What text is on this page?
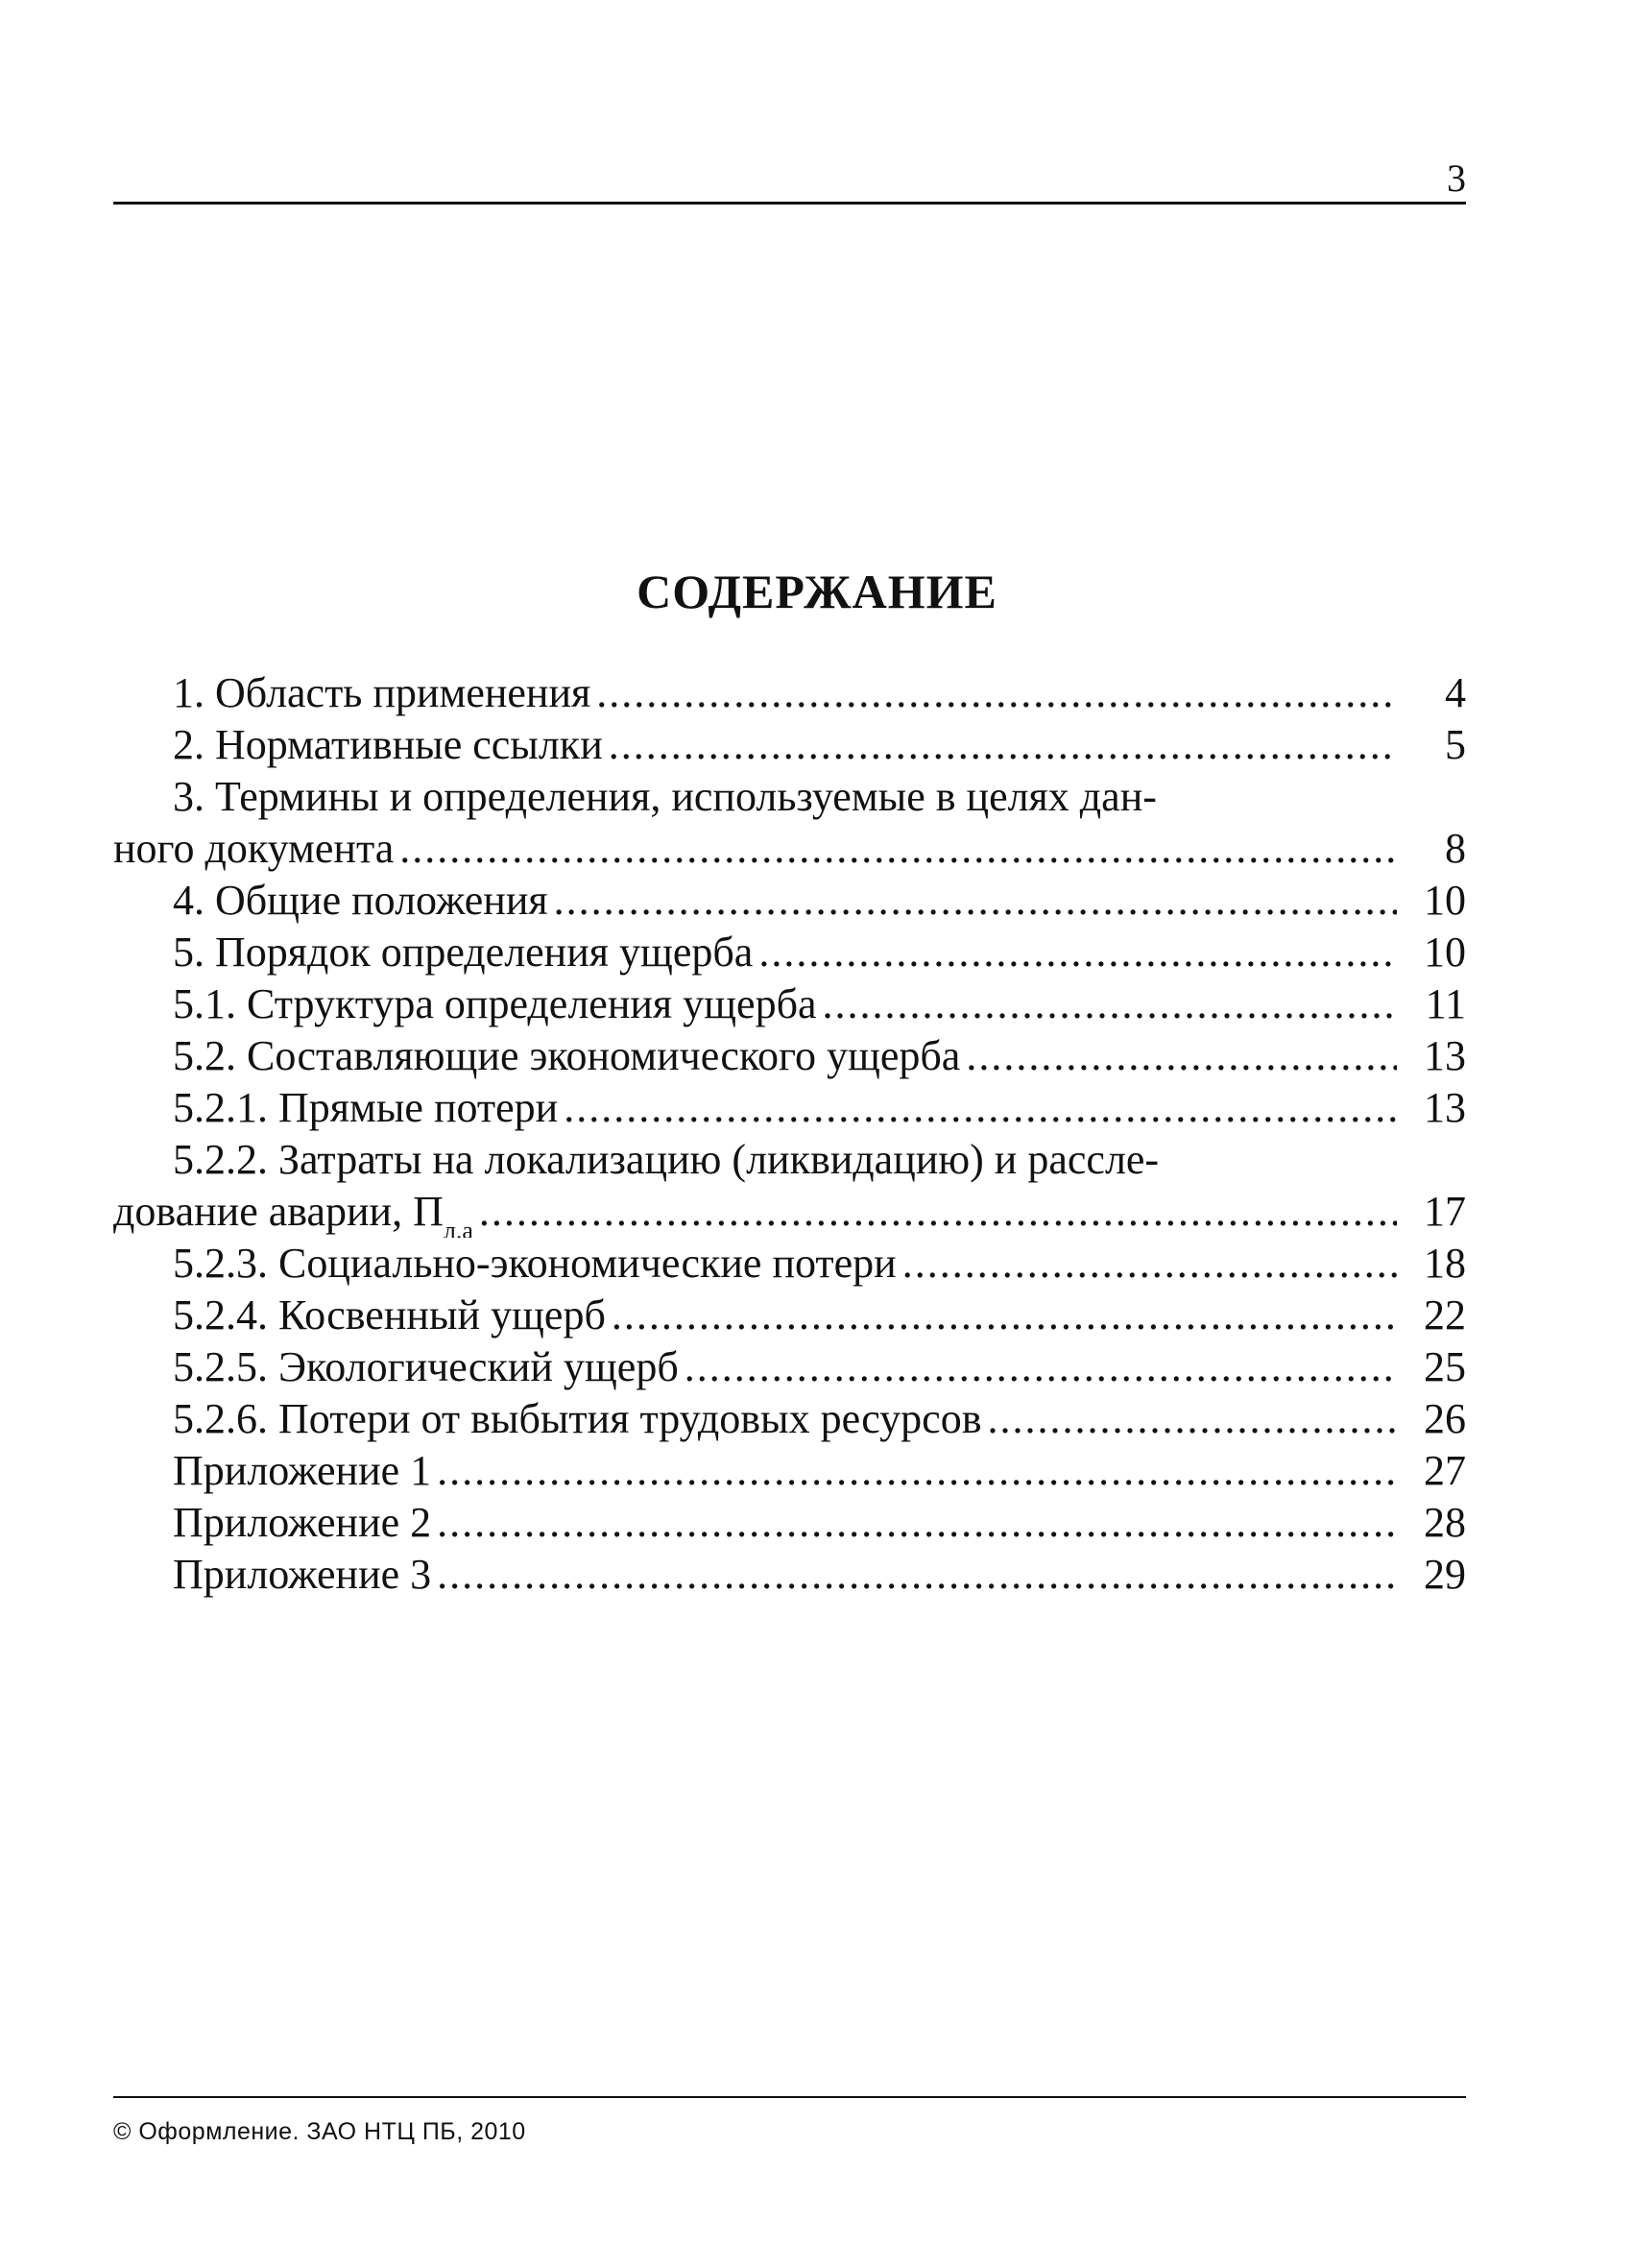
3
СОДЕРЖАНИЕ
1. Область применения .....	4
2. Нормативные ссылки .....	5
3. Термины и определения, используемые в целях дан-
ного документа .....	8
4. Общие положения .....	10
5. Порядок определения ущерба .....	10
5.1. Структура определения ущерба .....	11
5.2. Составляющие экономического ущерба .....	13
5.2.1. Прямые потери .....	13
5.2.2. Затраты на локализацию (ликвидацию) и рассле-
дование аварии, $П_{л.а}$ .....	17
5.2.3. Социально-экономические потери .....	18
5.2.4. Косвенный ущерб .....	22
5.2.5. Экологический ущерб .....	25
5.2.6. Потери от выбытия трудовых ресурсов .....	26
Приложение 1 .....	27
Приложение 2 .....	28
Приложение 3 .....	29
© Оформление. ЗАО НТЦ ПБ, 2010
